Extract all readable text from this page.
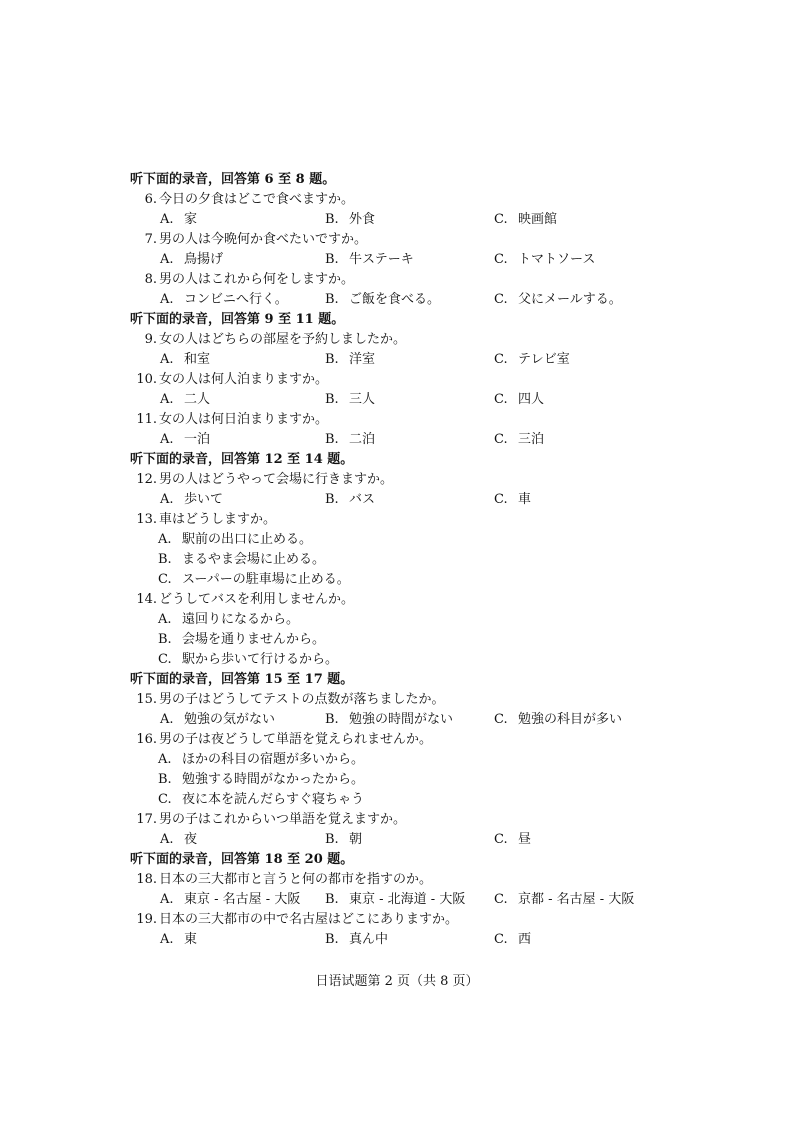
听下面的录音，回答第 6 至 8 题。
6. 今日の夕食はどこで食べますか。
A. 家	B. 外食	C. 映画館
7. 男の人は今晩何か食べたいですか。
A. 鳥揚げ	B. 牛ステーキ	C. トマトソース
8. 男の人はこれから何をしますか。
A. コンビニへ行く。	B. ご飯を食べる。	C. 父にメールする。
听下面的录音，回答第 9 至 11 题。
9. 女の人はどちらの部屋を予約しましたか。
A. 和室	B. 洋室	C. テレビ室
10. 女の人は何人泊まりますか。
A. 二人	B. 三人	C. 四人
11. 女の人は何日泊まりますか。
A. 一泊	B. 二泊	C. 三泊
听下面的录音，回答第 12 至 14 题。
12. 男の人はどうやって会場に行きますか。
A. 歩いて	B. バス	C. 車
13. 車はどうしますか。
A. 駅前の出口に止める。
B. まるやま会場に止める。
C. スーパーの駐車場に止める。
14. どうしてバスを利用しませんか。
A. 遠回りになるから。
B. 会場を通りませんから。
C. 駅から歩いて行けるから。
听下面的录音，回答第 15 至 17 题。
15. 男の子はどうしてテストの点数が落ちましたか。
A. 勉強の気がない	B. 勉強の時間がない	C. 勉強の科目が多い
16. 男の子は夜どうして単語を覚えられませんか。
A. ほかの科目の宿題が多いから。
B. 勉強する時間がなかったから。
C. 夜に本を読んだらすぐ寝ちゃう
17. 男の子はこれからいつ単語を覚えますか。
A. 夜	B. 朝	C. 昼
听下面的录音，回答第 18 至 20 题。
18. 日本の三大都市と言うと何の都市を指すのか。
A. 東京 - 名古屋 - 大阪 B. 東京 - 北海道 - 大阪 C. 京都 - 名古屋 - 大阪
19. 日本の三大都市の中で名古屋はどこにありますか。
A. 東	B. 真ん中	C. 西
日语试题第 2 页（共 8 页）
